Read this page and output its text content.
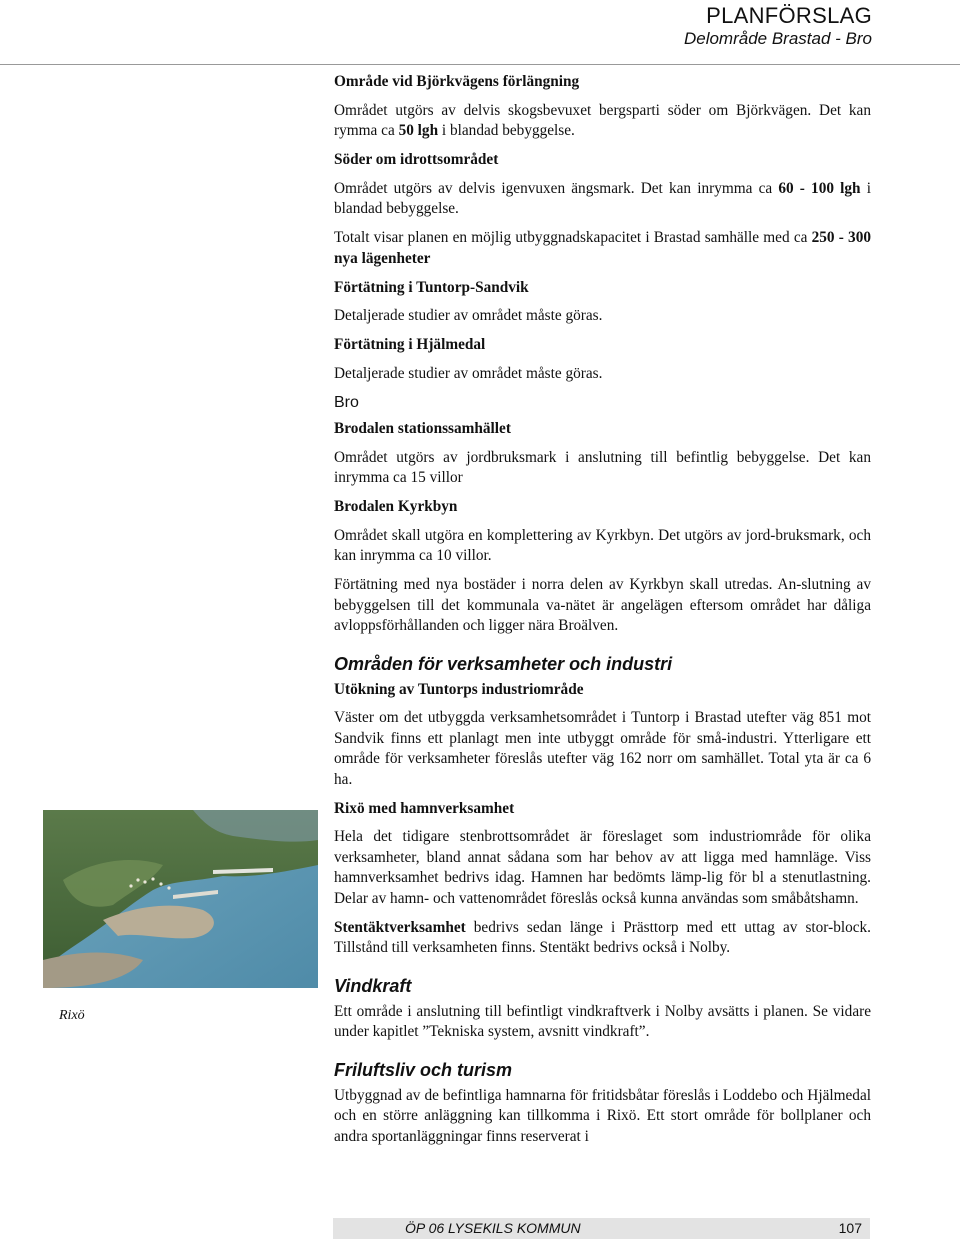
PLANFÖRSLAG
Delområde Brastad - Bro
Område vid Björkvägens förlängning

Området utgörs av delvis skogsbevuxet bergsparti söder om Björkvägen. Det kan rymma ca 50 lgh i blandad bebyggelse.

Söder om idrottsområdet

Området utgörs av delvis igenvuxen ängsmark. Det kan inrymma ca 60 - 100 lgh i blandad bebyggelse.

Totalt visar planen en möjlig utbyggnadskapacitet i Brastad samhälle med ca 250 - 300 nya lägenheter

Förtätning i Tuntorp-Sandvik

Detaljerade studier av området måste göras.

Förtätning i Hjälmedal

Detaljerade studier av området måste göras.

Bro
Brodalen stationssamhället

Området utgörs av jordbruksmark i anslutning till befintlig bebyggelse. Det kan inrymma ca 15 villor

Brodalen Kyrkbyn

Området skall utgöra en komplettering av Kyrkbyn. Det utgörs av jord-bruksmark, och kan inrymma ca 10 villor.

Förtätning med nya bostäder i norra delen av Kyrkbyn skall utredas. An-slutning av bebyggelsen till det kommunala va-nätet är angelägen eftersom området har dåliga avloppsförhållanden och ligger nära Broälven.

Områden för verksamheter och industri
Utökning av Tuntorps industriområde

Väster om det utbyggda verksamhetsområdet i Tuntorp i Brastad utefter väg 851 mot Sandvik finns ett planlagt men inte utbyggt område för små-industri. Ytterligare ett område för verksamheter föreslås utefter väg 162 norr om samhället. Total yta är ca 6 ha.

Rixö med hamnverksamhet

Hela det tidigare stenbrottsområdet är föreslaget som industriområde för olika verksamheter, bland annat sådana som har behov av att ligga med hamnläge. Viss hamnverksamhet bedrivs idag. Hamnen har bedömts lämp-lig för bl a stenutlastning. Delar av hamn- och vattenområdet föreslås också kunna användas som småbåtshamn.

Stentäktverksamhet bedrivs sedan länge i Prästtorp med ett uttag av stor-block. Tillstånd till verksamheten finns. Stentäkt bedrivs också i Nolby.

Vindkraft

Ett område i anslutning till befintligt vindkraftverk i Nolby avsätts i planen. Se vidare under kapitlet ”Tekniska system, avsnitt vindkraft”.

Friluftsliv och turism

Utbyggnad av de befintliga hamnarna för fritidsbåtar föreslås i Loddebo och Hjälmedal och en större anläggning kan tillkomma i Rixö. Ett stort område för bollplaner och andra sportanläggningar finns reserverat i

Rixö
ÖP 06 LYSEKILS KOMMUN	107
